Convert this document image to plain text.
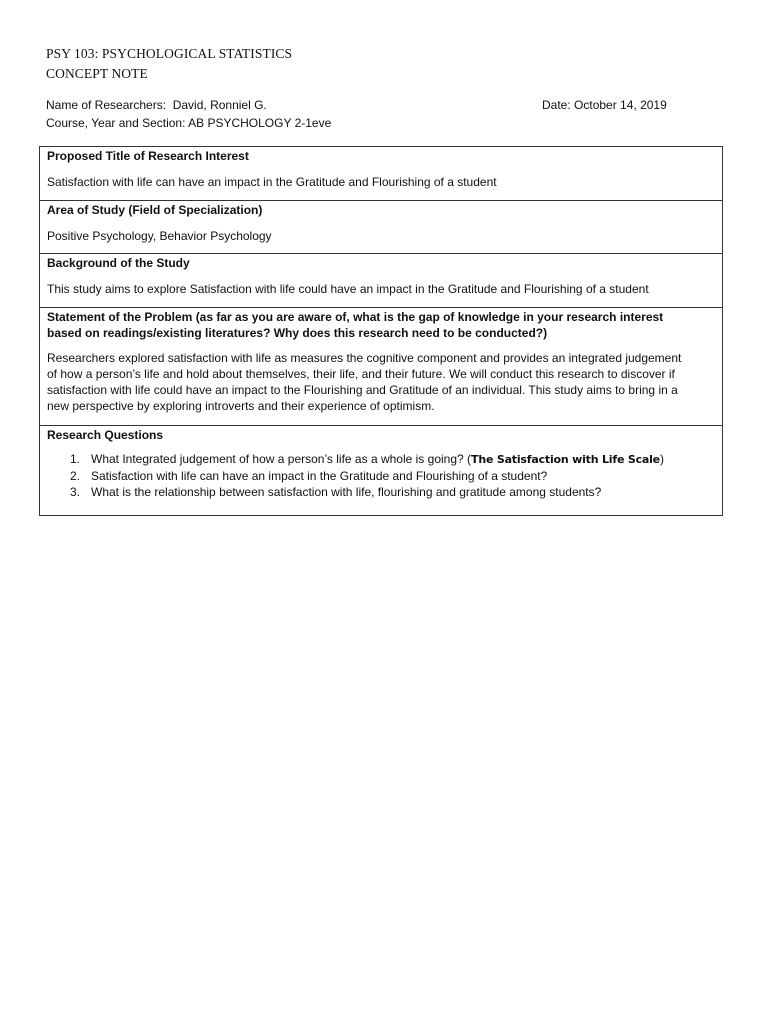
PSY 103: PSYCHOLOGICAL STATISTICS
CONCEPT NOTE
Name of Researchers: David, Ronniel G.
Course, Year and Section: AB PSYCHOLOGY 2-1eve
Date: October 14, 2019
Proposed Title of Research Interest
Satisfaction with life can have an impact in the Gratitude and Flourishing of a student
Area of Study (Field of Specialization)
Positive Psychology, Behavior Psychology
Background of the Study
This study aims to explore Satisfaction with life could have an impact in the Gratitude and Flourishing of a student
Statement of the Problem (as far as you are aware of, what is the gap of knowledge in your research interest
based on readings/existing literatures? Why does this research need to be conducted?)
Researchers explored satisfaction with life as measures the cognitive component and provides an integrated judgement
of how a person’s life and hold about themselves, their life, and their future. We will conduct this research to discover if
satisfaction with life could have an impact to the Flourishing and Gratitude of an individual. This study aims to bring in a
new perspective by exploring introverts and their experience of optimism.
Research Questions
1. What Integrated judgement of how a person’s life as a whole is going? (The Satisfaction with Life Scale)
2. Satisfaction with life can have an impact in the Gratitude and Flourishing of a student?
3. What is the relationship between satisfaction with life, flourishing and gratitude among students?
